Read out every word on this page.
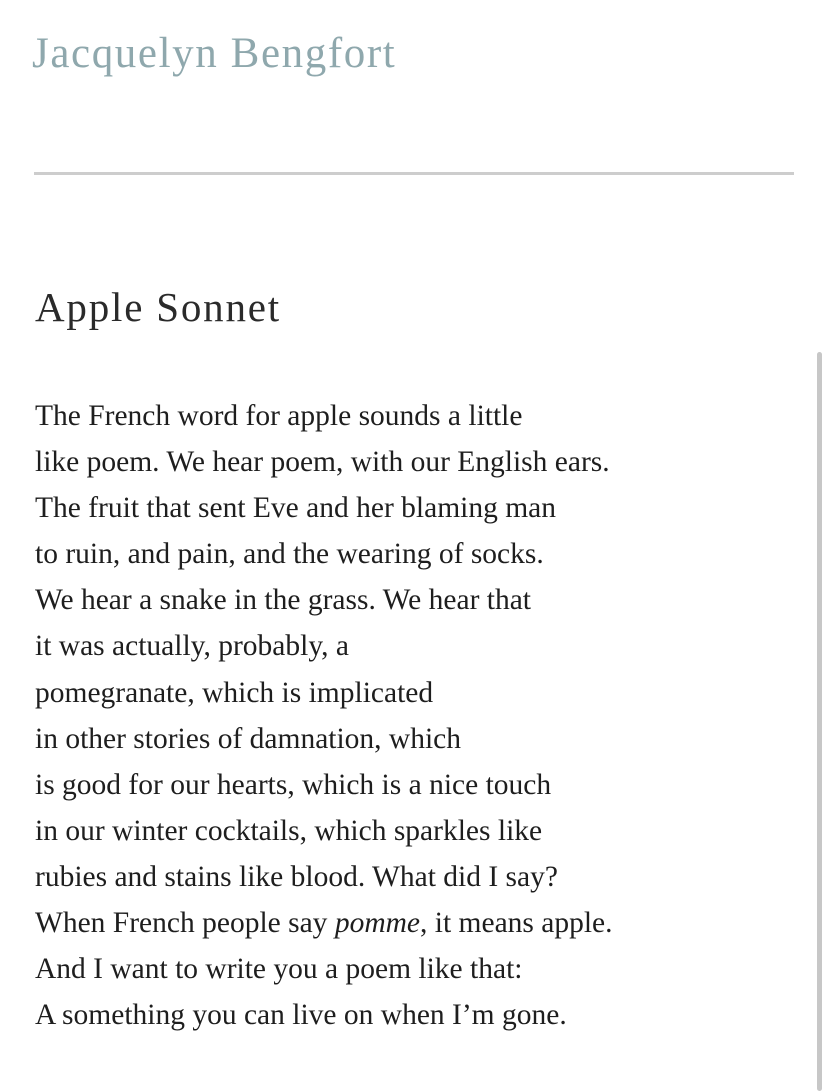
Jacquelyn Bengfort
Apple Sonnet
The French word for apple sounds a little
like poem. We hear poem, with our English ears.
The fruit that sent Eve and her blaming man
to ruin, and pain, and the wearing of socks.
We hear a snake in the grass. We hear that
it was actually, probably, a
pomegranate, which is implicated
in other stories of damnation, which
is good for our hearts, which is a nice touch
in our winter cocktails, which sparkles like
rubies and stains like blood. What did I say?
When French people say pomme, it means apple.
And I want to write you a poem like that:
A something you can live on when I’m gone.
